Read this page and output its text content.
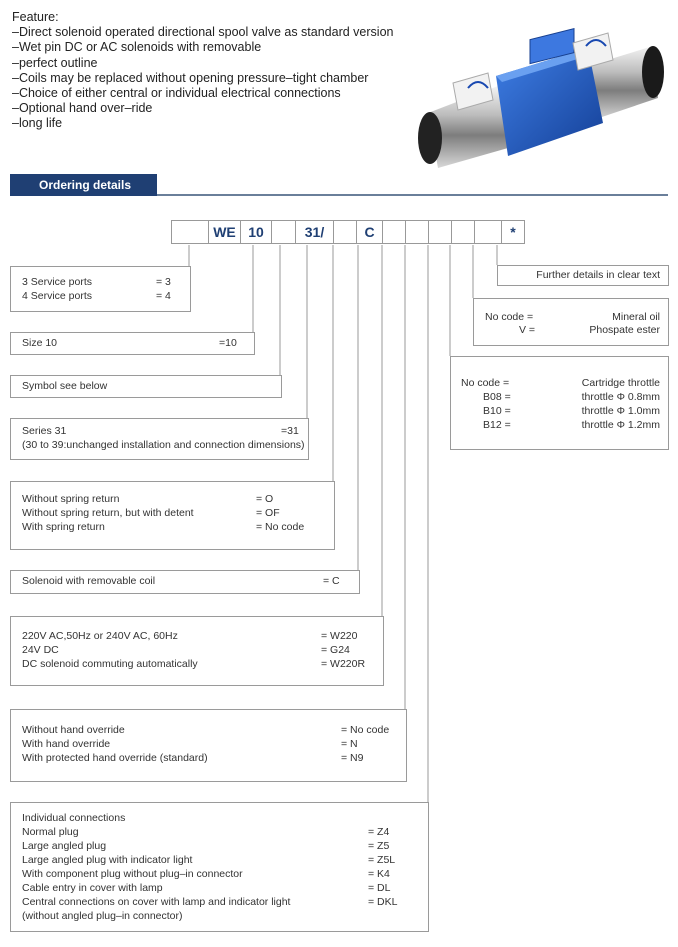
Feature:
–Direct solenoid operated directional spool valve as standard version
–Wet pin DC or AC solenoids with removable
–perfect outline
–Coils may be replaced without opening pressure–tight chamber
–Choice of either central or individual electrical connections
–Optional hand over–ride
–long life
Ordering details
WE 10	31/	C	*
3 Service ports	= 3
4 Service ports	= 4
Size 10	=10
Symbol see below
Series 31	=31
(30 to 39:unchanged installation and connection dimensions)
Without spring return	= O
Without spring return, but with detent	= OF
With spring return	= No code
Solenoid with removable coil	= C
220V AC,50Hz or 240V AC, 60Hz	= W220
24V DC	= G24
DC solenoid commuting automatically	= W220R
Without hand override	= No code
With hand override	= N
With protected hand override (standard)	= N9
Individual connections
Normal plug	= Z4
Large angled plug	= Z5
Large angled plug with indicator light	= Z5L
With component plug without plug–in connector	= K4
Cable entry in cover with lamp	= DL
Central connections on cover with lamp and indicator light	= DKL
(without angled plug–in connector)
Further details in clear text
No code =	Mineral oil
V =	Phospate ester
No code =	Cartridge throttle
B08 =	throttle Φ 0.8mm
B10 =	throttle Φ 1.0mm
B12 =	throttle Φ 1.2mm
